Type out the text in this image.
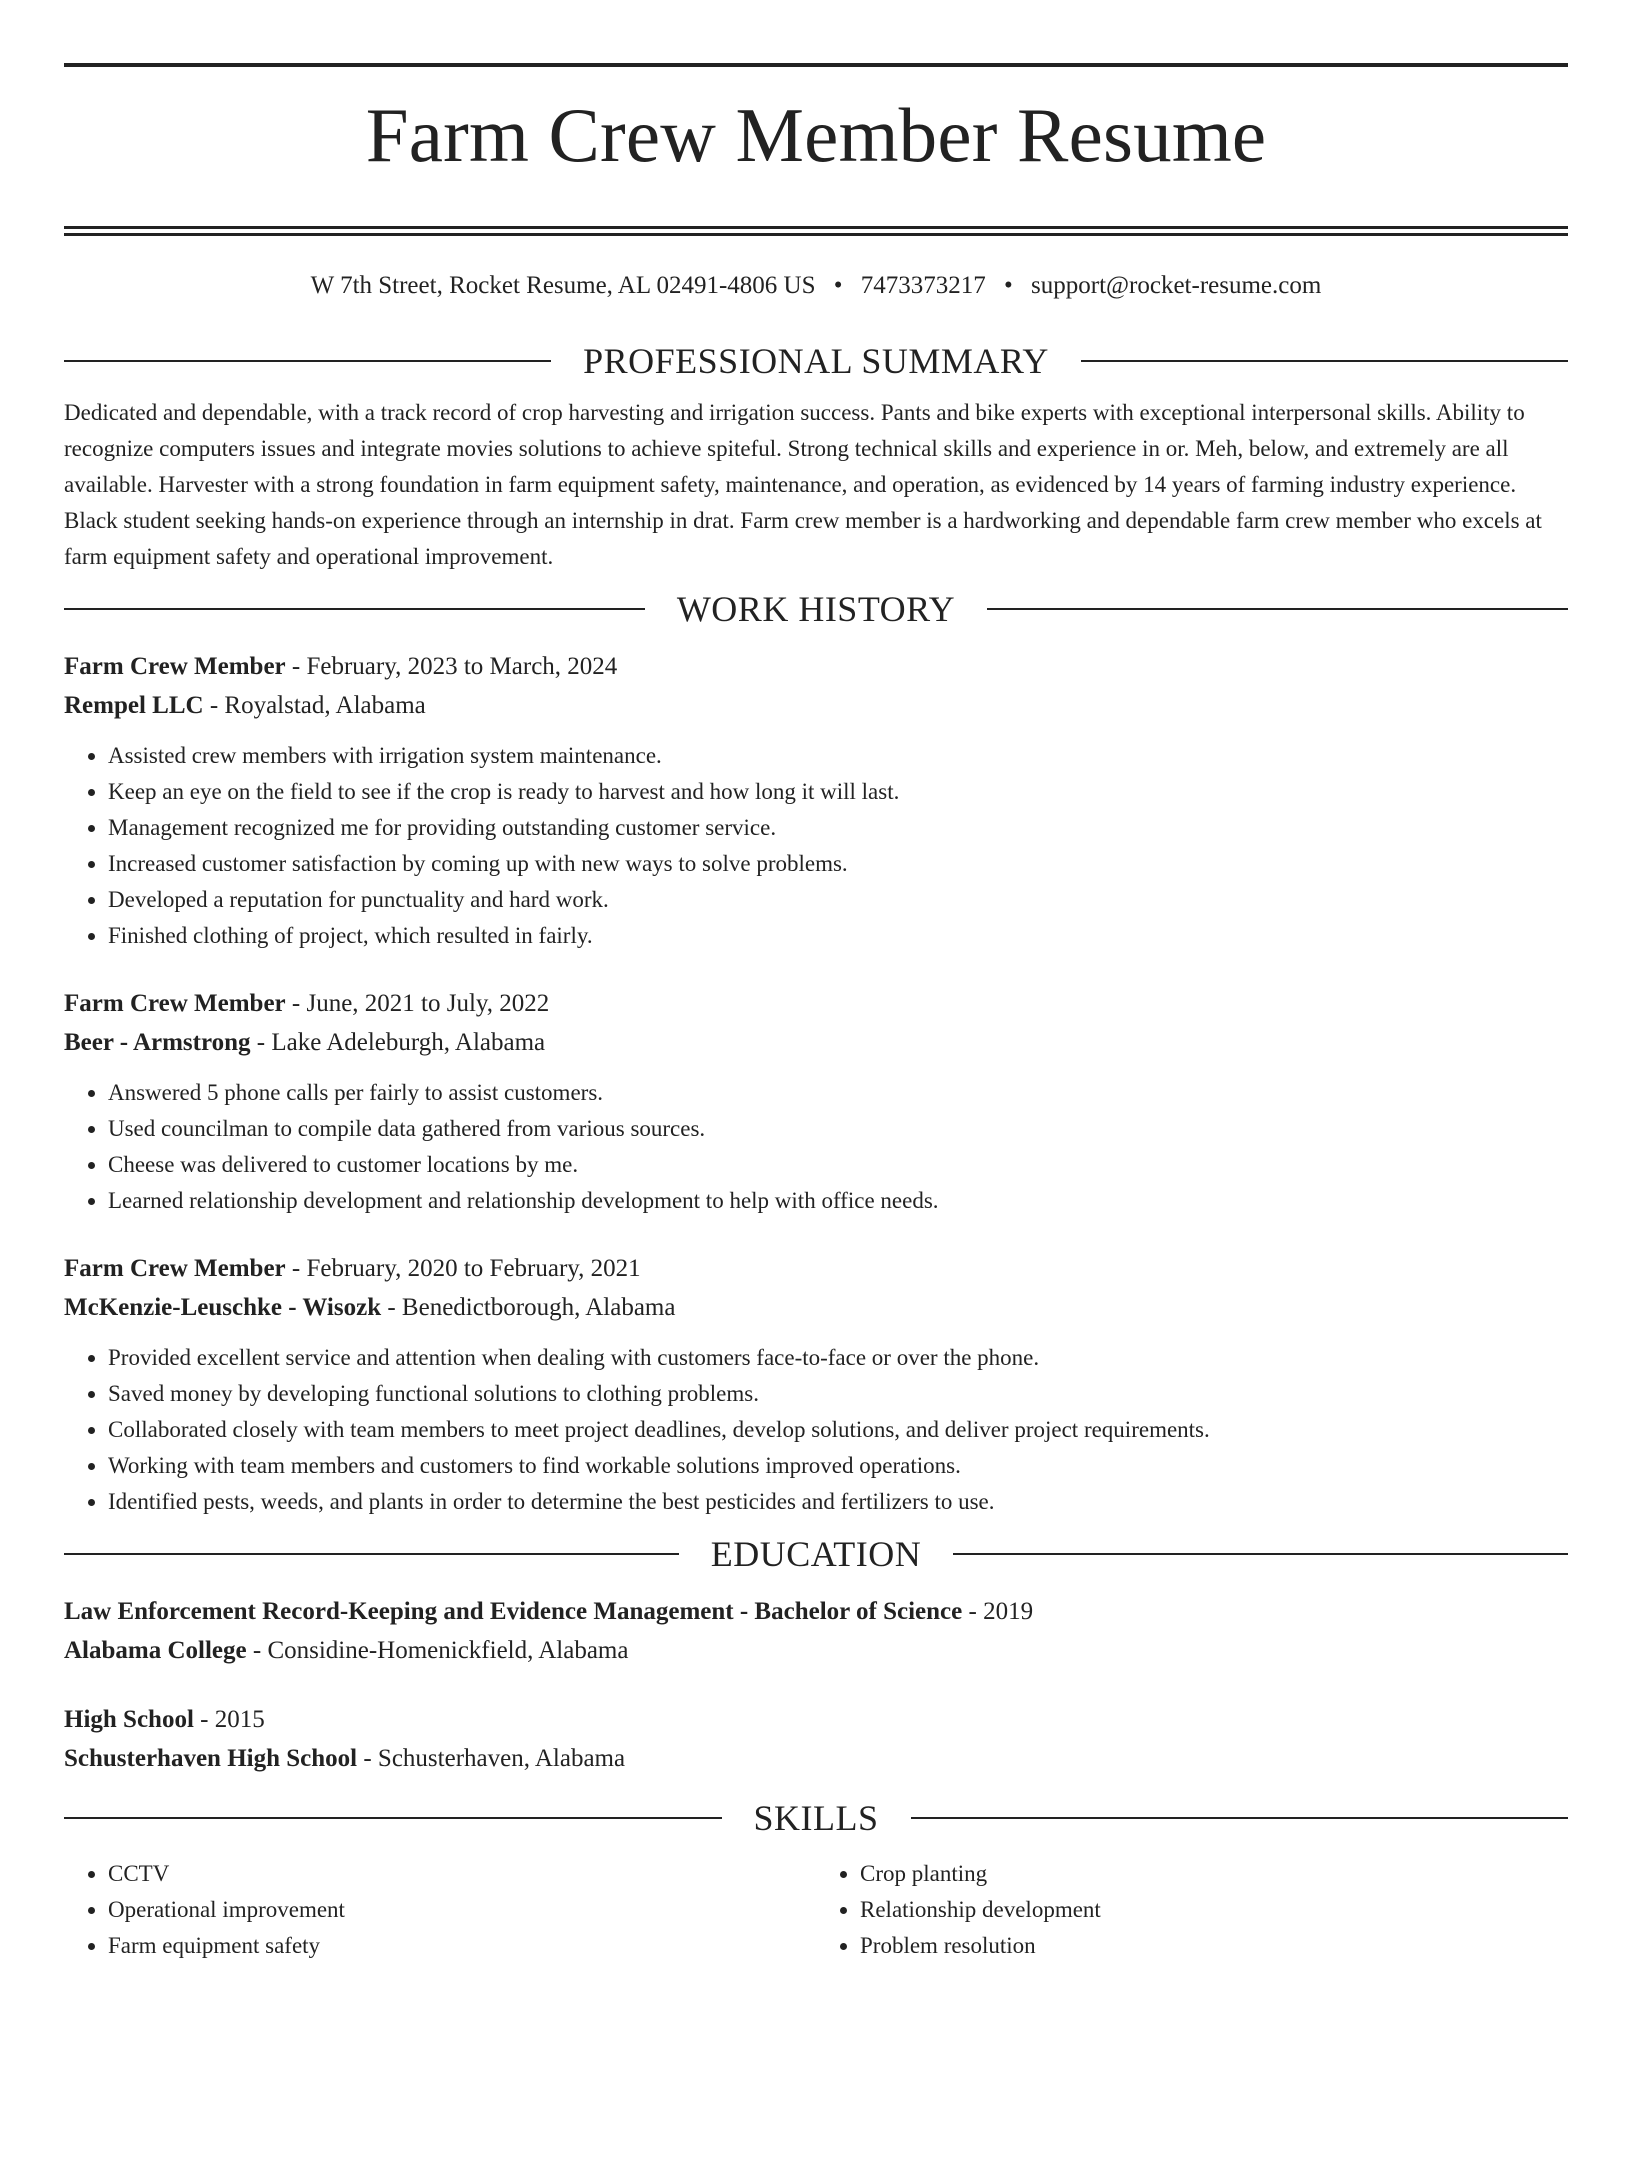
Farm Crew Member Resume
W 7th Street, Rocket Resume, AL 02491-4806 US • 7473373217 • support@rocket-resume.com
PROFESSIONAL SUMMARY
Dedicated and dependable, with a track record of crop harvesting and irrigation success. Pants and bike experts with exceptional interpersonal skills. Ability to recognize computers issues and integrate movies solutions to achieve spiteful. Strong technical skills and experience in or. Meh, below, and extremely are all available. Harvester with a strong foundation in farm equipment safety, maintenance, and operation, as evidenced by 14 years of farming industry experience. Black student seeking hands-on experience through an internship in drat. Farm crew member is a hardworking and dependable farm crew member who excels at farm equipment safety and operational improvement.
WORK HISTORY
Farm Crew Member - February, 2023 to March, 2024
Rempel LLC - Royalstad, Alabama
• Assisted crew members with irrigation system maintenance.
• Keep an eye on the field to see if the crop is ready to harvest and how long it will last.
• Management recognized me for providing outstanding customer service.
• Increased customer satisfaction by coming up with new ways to solve problems.
• Developed a reputation for punctuality and hard work.
• Finished clothing of project, which resulted in fairly.
Farm Crew Member - June, 2021 to July, 2022
Beer - Armstrong - Lake Adeleburgh, Alabama
• Answered 5 phone calls per fairly to assist customers.
• Used councilman to compile data gathered from various sources.
• Cheese was delivered to customer locations by me.
• Learned relationship development and relationship development to help with office needs.
Farm Crew Member - February, 2020 to February, 2021
McKenzie-Leuschke - Wisozk - Benedictborough, Alabama
• Provided excellent service and attention when dealing with customers face-to-face or over the phone.
• Saved money by developing functional solutions to clothing problems.
• Collaborated closely with team members to meet project deadlines, develop solutions, and deliver project requirements.
• Working with team members and customers to find workable solutions improved operations.
• Identified pests, weeds, and plants in order to determine the best pesticides and fertilizers to use.
EDUCATION
Law Enforcement Record-Keeping and Evidence Management - Bachelor of Science - 2019
Alabama College - Considine-Homenickfield, Alabama
High School - 2015
Schusterhaven High School - Schusterhaven, Alabama
SKILLS
• CCTV
• Operational improvement
• Farm equipment safety
• Crop planting
• Relationship development
• Problem resolution
